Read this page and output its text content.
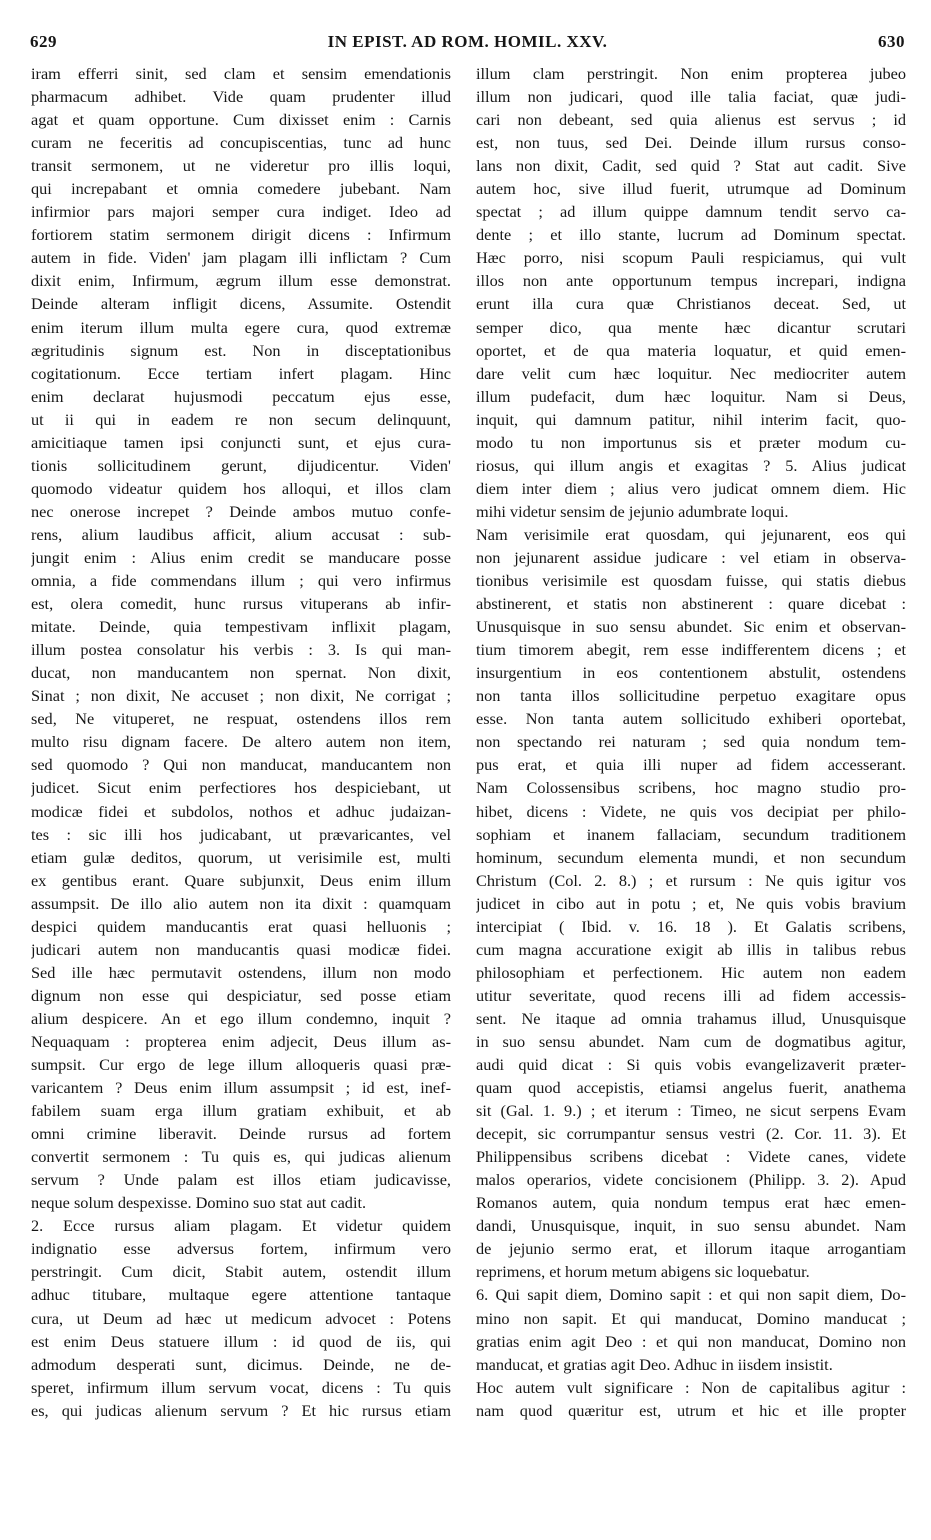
629	IN EPIST. AD ROM. HOMIL. XXV.	630
iram efferri sinit, sed clam et sensim emendationis
pharmacum adhibet. Vide quam prudenter illud
agat et quam opportune. Cum dixisset enim : Carnis
curam ne feceritis ad concupiscentias, tunc ad hunc
transit sermonem, ut ne videretur pro illis loqui,
qui increpabant et omnia comedere jubebant. Nam
infirmior pars majori semper cura indiget. Ideo ad
fortiorem statim sermonem dirigit dicens : Infirmum
autem in fide. Viden' jam plagam illi inflictam ? Cum
dixit enim, Infirmum, ægrum illum esse demonstrat.
Deinde alteram infligit dicens, Assumite. Ostendit
enim iterum illum multa egere cura, quod extremæ
ægritudinis signum est. Non in disceptationibus
cogitationum. Ecce tertiam infert plagam. Hinc
enim declarat hujusmodi peccatum ejus esse,
ut ii qui in eadem re non secum delinquunt,
amicitiaque tamen ipsi conjuncti sunt, et ejus cura-
tionis sollicitudinem gerunt, dijudicentur. Viden'
quomodo videatur quidem hos alloqui, et illos clam
nec onerose increpet ? Deinde ambos mutuo confe-
rens, alium laudibus afficit, alium accusat : sub-
jungit enim : Alius enim credit se manducare posse
omnia, a fide commendans illum ; qui vero infirmus
est, olera comedit, hunc rursus vituperans ab infir-
mitate. Deinde, quia tempestivam inflixit plagam,
illum postea consolatur his verbis : 3. Is qui man-
ducat, non manducantem non spernat. Non dixit,
Sinat ; non dixit, Ne accuset ; non dixit, Ne corrigat ;
sed, Ne vituperet, ne respuat, ostendens illos rem
multo risu dignam facere. De altero autem non item,
sed quomodo ? Qui non manducat, manducantem non
judicet. Sicut enim perfectiores hos despiciebant, ut
modicæ fidei et subdolos, nothos et adhuc judaizan-
tes : sic illi hos judicabant, ut prævaricantes, vel
etiam gulæ deditos, quorum, ut verisimile est, multi
ex gentibus erant. Quare subjunxit, Deus enim illum
assumpsit. De illo alio autem non ita dixit : quamquam
despici quidem manducantis erat quasi helluonis ;
judicari autem non manducantis quasi modicæ fidei.
Sed ille hæc permutavit ostendens, illum non modo
dignum non esse qui despiciatur, sed posse etiam
alium despicere. An et ego illum condemno, inquit ?
Nequaquam : propterea enim adjecit, Deus illum as-
sumpsit. Cur ergo de lege illum alloqueris quasi præ-
varicantem ? Deus enim illum assumpsit ; id est, inef-
fabilem suam erga illum gratiam exhibuit, et ab
omni crimine liberavit. Deinde rursus ad fortem
convertit sermonem : Tu quis es, qui judicas alienum
servum ? Unde palam est illos etiam judicavisse,
neque solum despexisse. Domino suo stat aut cadit.
2. Ecce rursus aliam plagam. Et videtur quidem
indignatio esse adversus fortem, infirmum vero
perstringit. Cum dicit, Stabit autem, ostendit illum
adhuc titubare, multaque egere attentione tantaque
cura, ut Deum ad hæc ut medicum advocet : Potens
est enim Deus statuere illum : id quod de iis, qui
admodum desperati sunt, dicimus. Deinde, ne de-
speret, infirmum illum servum vocat, dicens : Tu quis
es, qui judicas alienum servum ? Et hic rursus etiam
illum clam perstringit. Non enim propterea jubeo
illum non judicari, quod ille talia faciat, quæ judi-
cari non debeant, sed quia alienus est servus ; id
est, non tuus, sed Dei. Deinde illum rursus conso-
lans non dixit, Cadit, sed quid ? Stat aut cadit. Sive
autem hoc, sive illud fuerit, utrumque ad Dominum
spectat ; ad illum quippe damnum tendit servo ca-
dente ; et illo stante, lucrum ad Dominum spectat.
Hæc porro, nisi scopum Pauli respiciamus, qui vult
illos non ante opportunum tempus increpari, indigna
erunt illa cura quæ Christianos deceat. Sed, ut
semper dico, qua mente hæc dicantur scrutari
oportet, et de qua materia loquatur, et quid emen-
dare velit cum hæc loquitur. Nec mediocriter autem
illum pudefacit, dum hæc loquitur. Nam si Deus,
inquit, qui damnum patitur, nihil interim facit, quo-
modo tu non importunus sis et præter modum cu-
riosus, qui illum angis et exagitas ? 5. Alius judicat
diem inter diem ; alius vero judicat omnem diem. Hic
mihi videtur sensim de jejunio adumbrate loqui.
Nam verisimile erat quosdam, qui jejunarent, eos qui
non jejunarent assidue judicare : vel etiam in observa-
tionibus verisimile est quosdam fuisse, qui statis diebus
abstinerent, et statis non abstinerent : quare dicebat :
Unusquisque in suo sensu abundet. Sic enim et observan-
tium timorem abegit, rem esse indifferentem dicens ; et
insurgentium in eos contentionem abstulit, ostendens
non tanta illos sollicitudine perpetuo exagitare opus
esse. Non tanta autem sollicitudo exhiberi oportebat,
non spectando rei naturam ; sed quia nondum tem-
pus erat, et quia illi nuper ad fidem accesserant.
Nam Colossensibus scribens, hoc magno studio pro-
hibet, dicens : Videte, ne quis vos decipiat per philo-
sophiam et inanem fallaciam, secundum traditionem
hominum, secundum elementa mundi, et non secundum
Christum (Col. 2. 8.) ; et rursum : Ne quis igitur vos
judicet in cibo aut in potu ; et, Ne quis vobis bravium
intercipiat ( Ibid. v. 16. 18 ). Et Galatis scribens,
cum magna accuratione exigit ab illis in talibus rebus
philosophiam et perfectionem. Hic autem non eadem
utitur severitate, quod recens illi ad fidem accessis-
sent. Ne itaque ad omnia trahamus illud, Unusquisque
in suo sensu abundet. Nam cum de dogmatibus agitur,
audi quid dicat : Si quis vobis evangelizaverit præter-
quam quod accepistis, etiamsi angelus fuerit, anathema
sit (Gal. 1. 9.) ; et iterum : Timeo, ne sicut serpens Evam
decepit, sic corrumpantur sensus vestri (2. Cor. 11. 3). Et
Philippensibus scribens dicebat : Videte canes, videte
malos operarios, videte concisionem (Philipp. 3. 2). Apud
Romanos autem, quia nondum tempus erat hæc emen-
dandi, Unusquisque, inquit, in suo sensu abundet. Nam
de jejunio sermo erat, et illorum itaque arrogantiam
reprimens, et horum metum abigens sic loquebatur.
6. Qui sapit diem, Domino sapit : et qui non sapit diem, Do-
mino non sapit. Et qui manducat, Domino manducat ;
gratias enim agit Deo : et qui non manducat, Domino non
manducat, et gratias agit Deo. Adhuc in iisdem insistit.
Hoc autem vult significare : Non de capitalibus agitur :
nam quod quæritur est, utrum et hic et ille propter
